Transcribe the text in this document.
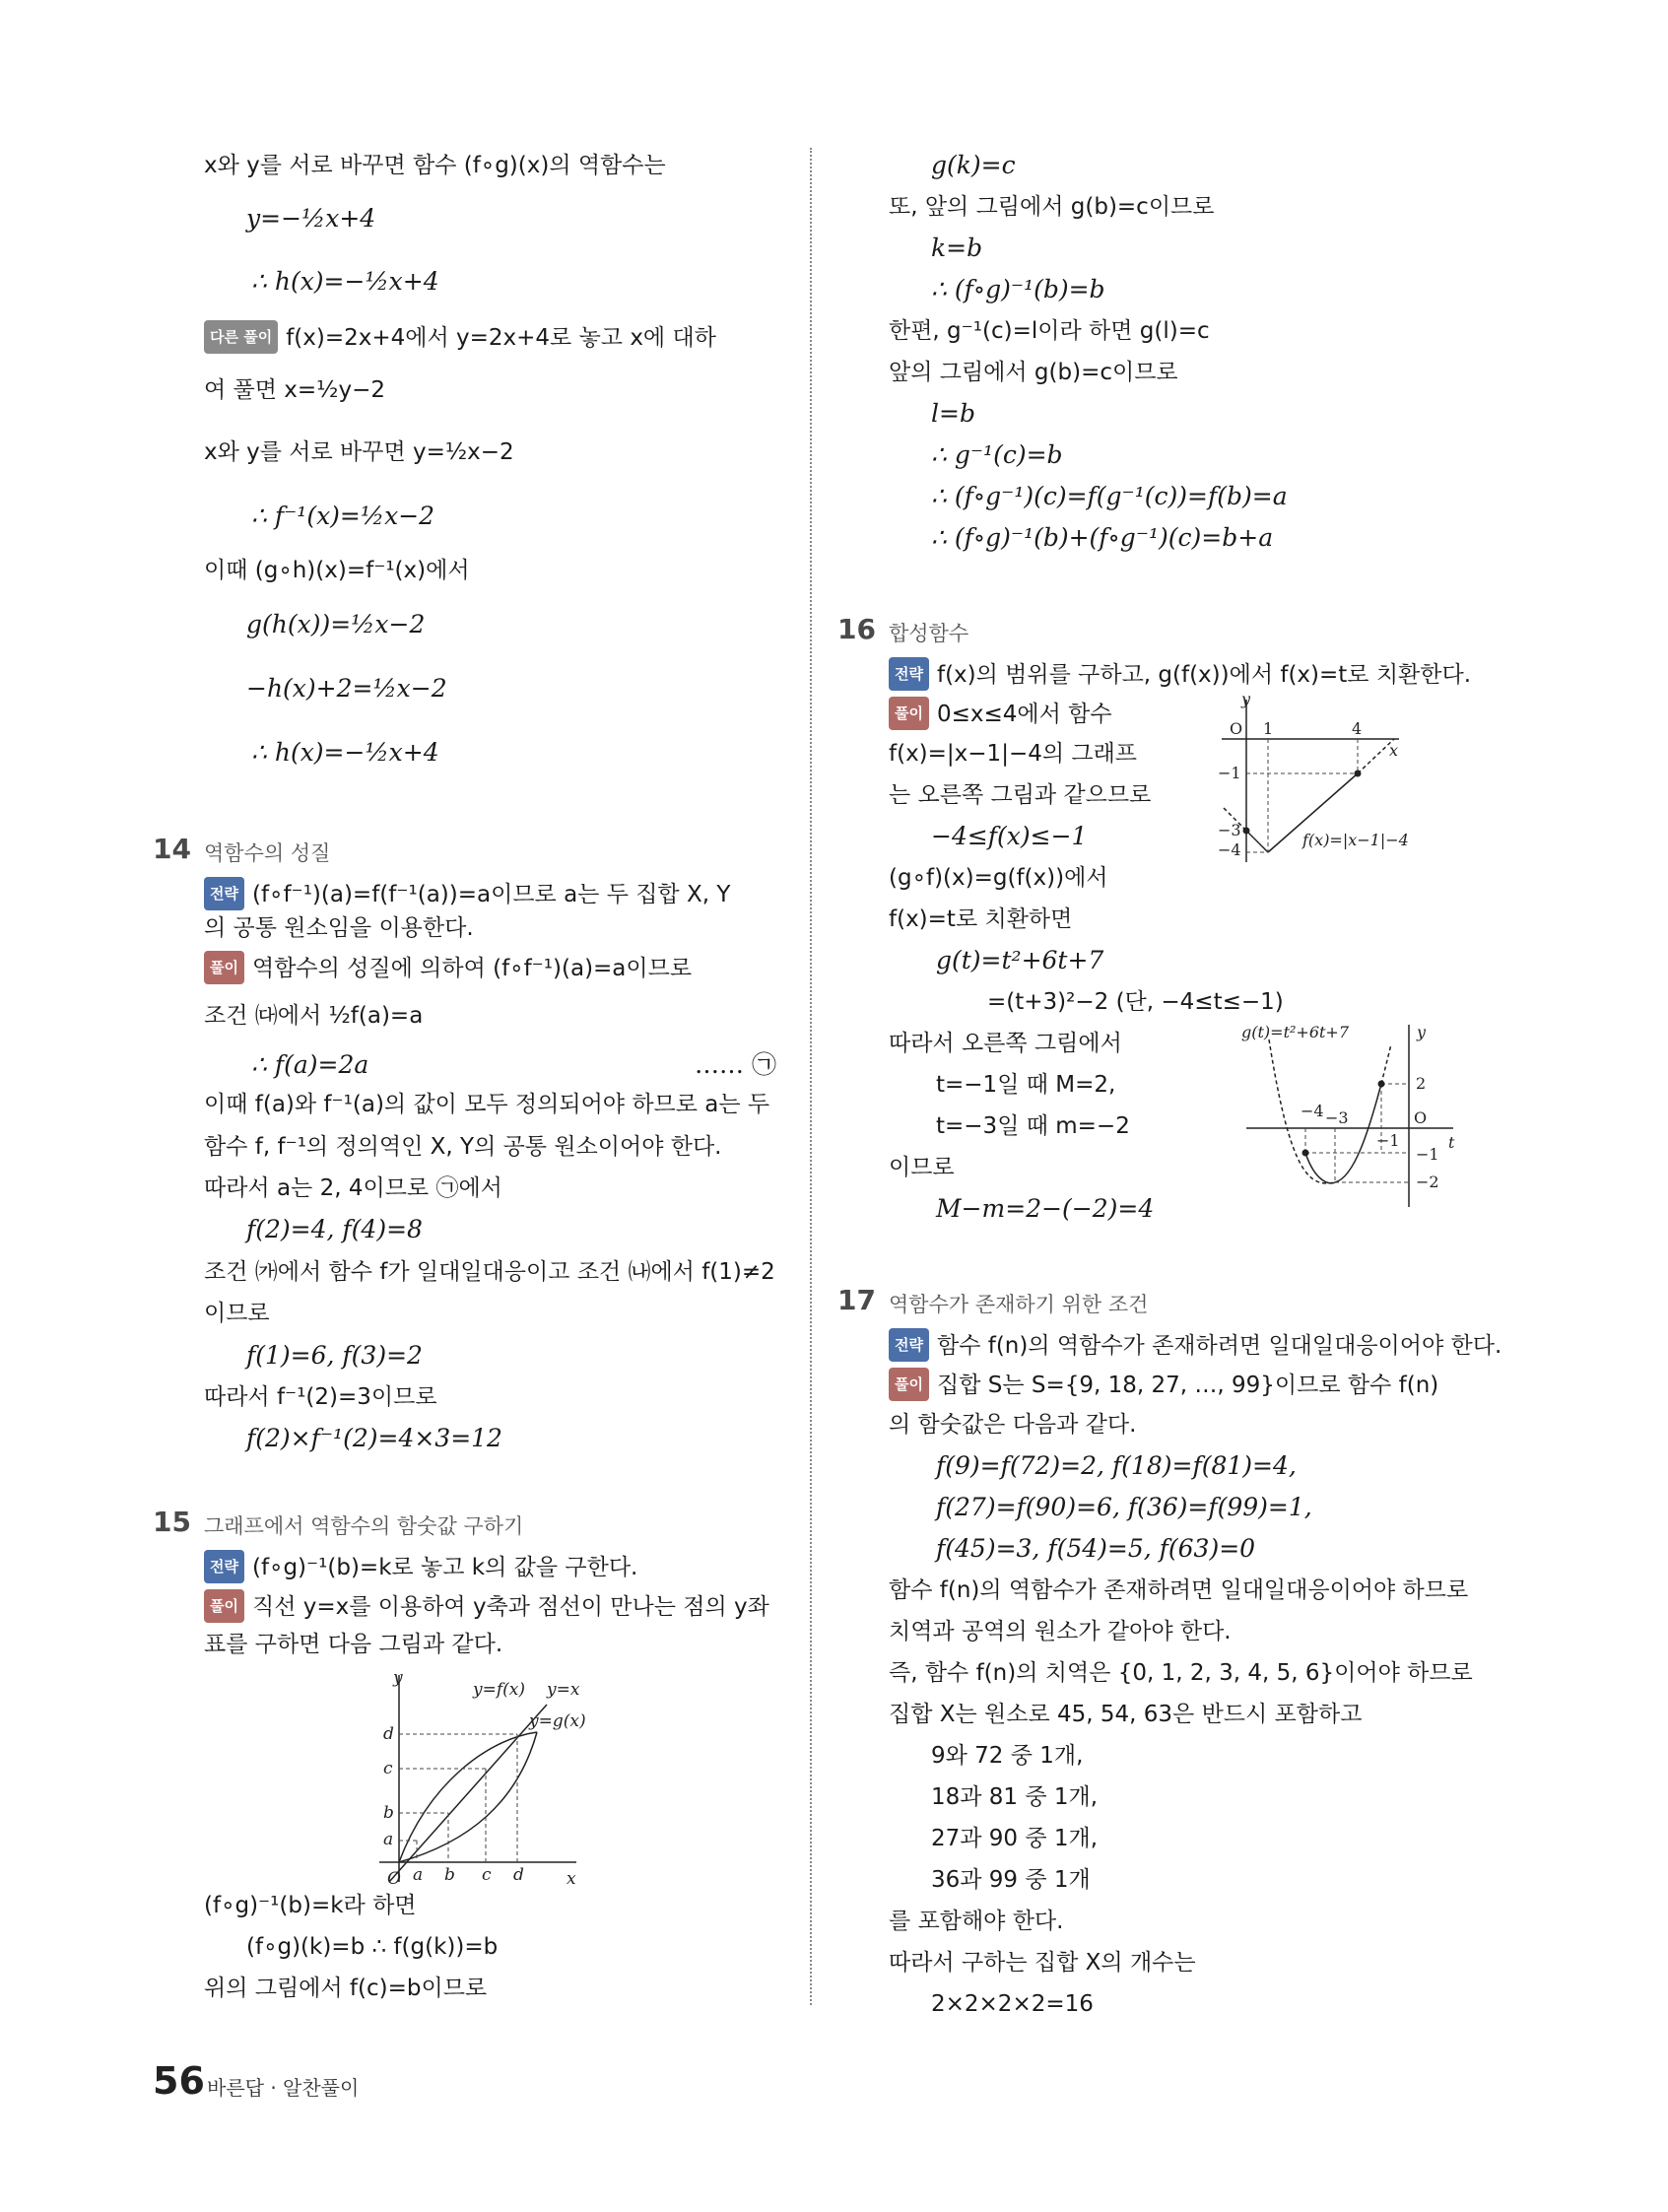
x와 y를 서로 바꾸면 함수 (f∘g)(x)의 역함수는
y=−½x+4
∴ h(x)=−½x+4
다른 풀이 f(x)=2x+4에서 y=2x+4로 놓고 x에 대하
여 풀면 x=½y−2
x와 y를 서로 바꾸면 y=½x−2
∴ f⁻¹(x)=½x−2
이때 (g∘h)(x)=f⁻¹(x)에서
g(h(x))=½x−2
−h(x)+2=½x−2
∴ h(x)=−½x+4
14 역함수의 성질
전략 (f∘f⁻¹)(a)=f(f⁻¹(a))=a이므로 a는 두 집합 X, Y
의 공통 원소임을 이용한다.
풀이 역함수의 성질에 의하여 (f∘f⁻¹)(a)=a이므로
조건 ㈐에서 ½f(a)=a
∴ f(a)=2a	…… ㉠
이때 f(a)와 f⁻¹(a)의 값이 모두 정의되어야 하므로 a는 두
함수 f, f⁻¹의 정의역인 X, Y의 공통 원소이어야 한다.
따라서 a는 2, 4이므로 ㉠에서
f(2)=4, f(4)=8
조건 ㈎에서 함수 f가 일대일대응이고 조건 ㈏에서 f(1)≠2
이므로
f(1)=6, f(3)=2
따라서 f⁻¹(2)=3이므로
f(2)×f⁻¹(2)=4×3=12
15 그래프에서 역함수의 함숫값 구하기
전략 (f∘g)⁻¹(b)=k로 놓고 k의 값을 구한다.
풀이 직선 y=x를 이용하여 y축과 점선이 만나는 점의 y좌
표를 구하면 다음 그림과 같다.
y
x
O
y=f(x) y=x
y=g(x)
d
c
b
a
a b c d
(f∘g)⁻¹(b)=k라 하면
(f∘g)(k)=b ∴ f(g(k))=b
위의 그림에서 f(c)=b이므로
g(k)=c
또, 앞의 그림에서 g(b)=c이므로
k=b
∴ (f∘g)⁻¹(b)=b
한편, g⁻¹(c)=l이라 하면 g(l)=c
앞의 그림에서 g(b)=c이므로
l=b
∴ g⁻¹(c)=b
∴ (f∘g⁻¹)(c)=f(g⁻¹(c))=f(b)=a
∴ (f∘g)⁻¹(b)+(f∘g⁻¹)(c)=b+a
16 합성함수
전략 f(x)의 범위를 구하고, g(f(x))에서 f(x)=t로 치환한다.
풀이 0≤x≤4에서 함수
f(x)=|x−1|−4의 그래프
는 오른쪽 그림과 같으므로
−4≤f(x)≤−1
(g∘f)(x)=g(f(x))에서
f(x)=t로 치환하면
g(t)=t²+6t+7
=(t+3)²−2 (단, −4≤t≤−1)
따라서 오른쪽 그림에서
t=−1일 때 M=2,
t=−3일 때 m=−2
이므로
M−m=2−(−2)=4
y
x
O 1	4
−1
−3
−4
f(x)=|x−1|−4
y
t
O
g(t)=t²+6t+7
−4 −3
−1
2
−1
−2
17 역함수가 존재하기 위한 조건
전략 함수 f(n)의 역함수가 존재하려면 일대일대응이어야 한다.
풀이 집합 S는 S={9, 18, 27, …, 99}이므로 함수 f(n)
의 함숫값은 다음과 같다.
f(9)=f(72)=2, f(18)=f(81)=4,
f(27)=f(90)=6, f(36)=f(99)=1,
f(45)=3, f(54)=5, f(63)=0
함수 f(n)의 역함수가 존재하려면 일대일대응이어야 하므로
치역과 공역의 원소가 같아야 한다.
즉, 함수 f(n)의 치역은 {0, 1, 2, 3, 4, 5, 6}이어야 하므로
집합 X는 원소로 45, 54, 63은 반드시 포함하고
9와 72 중 1개,
18과 81 중 1개,
27과 90 중 1개,
36과 99 중 1개
를 포함해야 한다.
따라서 구하는 집합 X의 개수는
2×2×2×2=16
56 바른답 · 알찬풀이
